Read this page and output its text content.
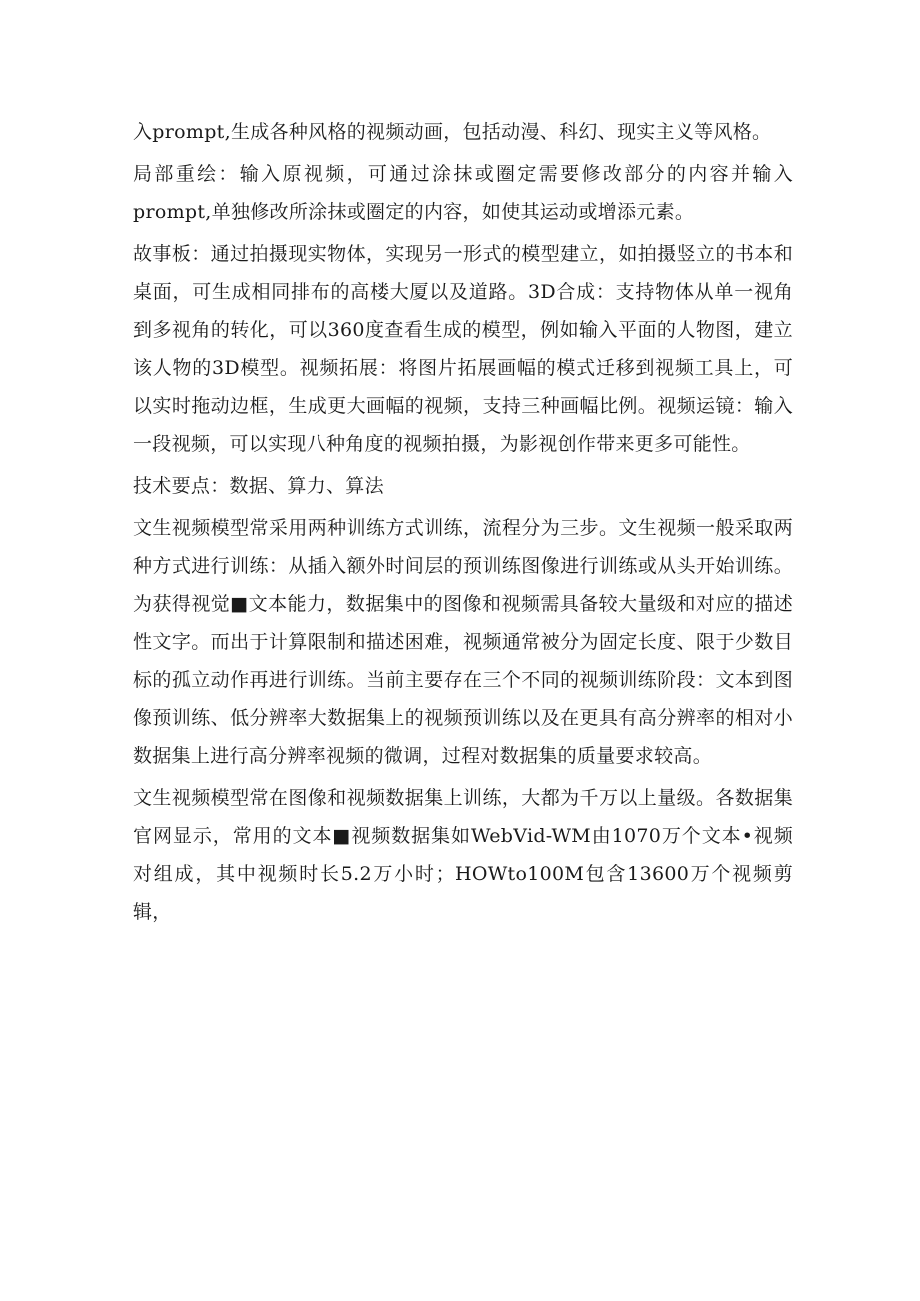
入prompt,生成各种风格的视频动画，包括动漫、科幻、现实主义等风格。

局部重绘：输入原视频，可通过涂抹或圈定需要修改部分的内容并输入prompt,单独修改所涂抹或圈定的内容，如使其运动或增添元素。

故事板：通过拍摄现实物体，实现另一形式的模型建立，如拍摄竖立的书本和桌面，可生成相同排布的高楼大厦以及道路。3D合成：支持物体从单一视角到多视角的转化，可以360度查看生成的模型，例如输入平面的人物图，建立该人物的3D模型。视频拓展：将图片拓展画幅的模式迁移到视频工具上，可以实时拖动边框，生成更大画幅的视频，支持三种画幅比例。视频运镜：输入一段视频，可以实现八种角度的视频拍摄，为影视创作带来更多可能性。

技术要点：数据、算力、算法

文生视频模型常采用两种训练方式训练，流程分为三步。文生视频一般采取两种方式进行训练：从插入额外时间层的预训练图像进行训练或从头开始训练。为获得视觉■文本能力，数据集中的图像和视频需具备较大量级和对应的描述性文字。而出于计算限制和描述困难，视频通常被分为固定长度、限于少数目标的孤立动作再进行训练。当前主要存在三个不同的视频训练阶段：文本到图像预训练、低分辨率大数据集上的视频预训练以及在更具有高分辨率的相对小数据集上进行高分辨率视频的微调，过程对数据集的质量要求较高。

文生视频模型常在图像和视频数据集上训练，大都为千万以上量级。各数据集官网显示，常用的文本■视频数据集如WebVid-WM由1070万个文本•视频对组成，其中视频时长5.2万小时；HOWto100M包含13600万个视频剪辑，
